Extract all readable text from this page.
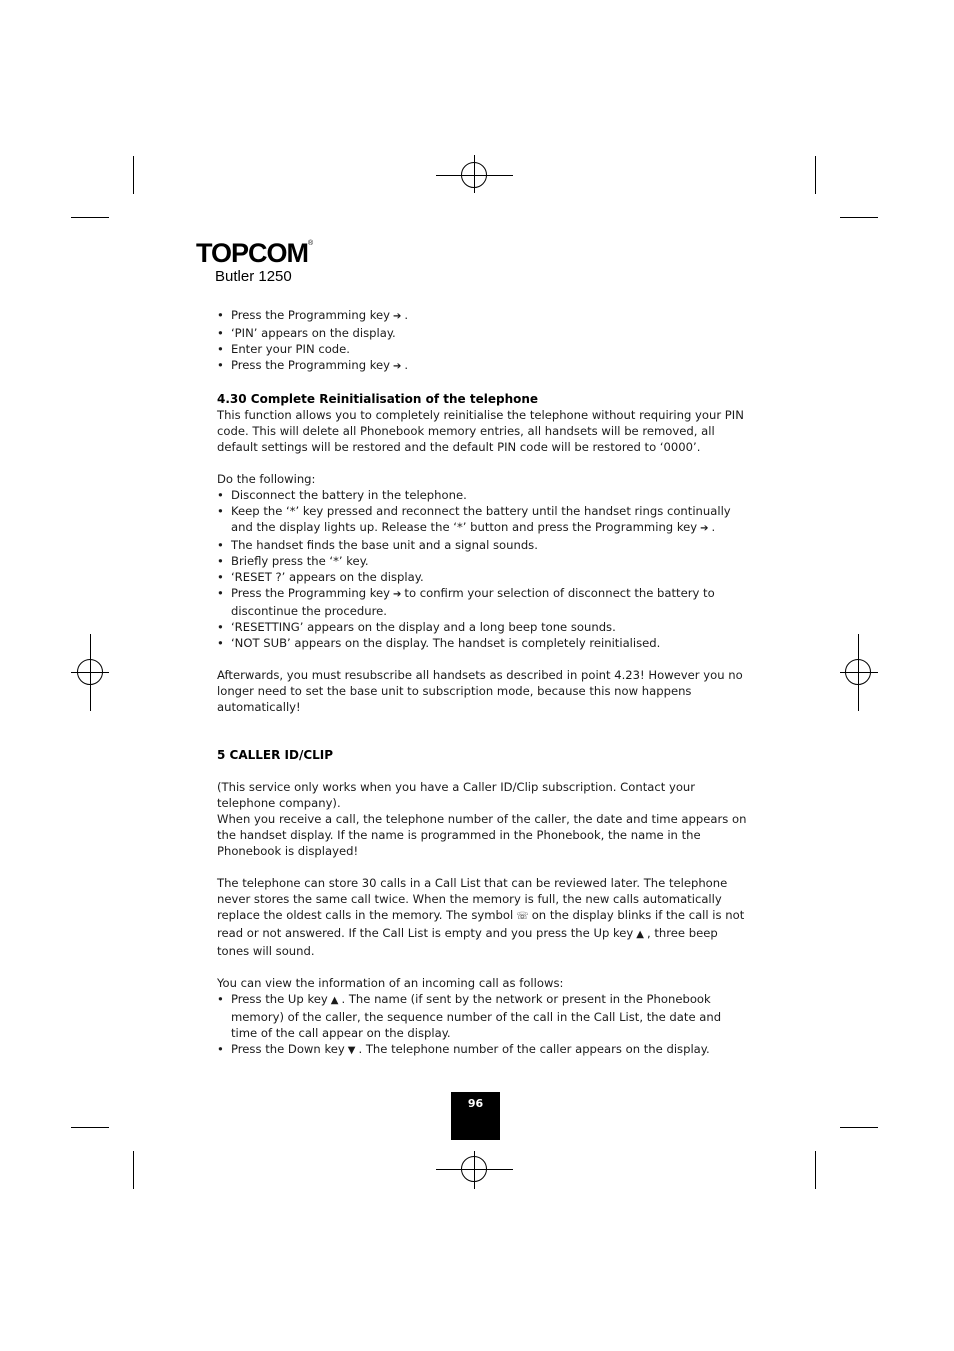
TOPCOM®
Butler 1250
• Press the Programming key ➔ .
• ‘PIN’ appears on the display.
• Enter your PIN code.
• Press the Programming key ➔ .
4.30 Complete Reinitialisation of the telephone

This function allows you to completely reinitialise the telephone without requiring your PIN code. This will delete all Phonebook memory entries, all handsets will be removed, all default settings will be restored and the default PIN code will be restored to ‘0000’.

Do the following:

• Disconnect the battery in the telephone.
• Keep the ‘*’ key pressed and reconnect the battery until the handset rings continually and the display lights up. Release the ‘*’ button and press the Programming key ➔ .
• The handset finds the base unit and a signal sounds.
• Briefly press the ‘*’ key.
• ‘RESET ?’ appears on the display.
• Press the Programming key ➔ to confirm your selection of disconnect the battery to discontinue the procedure.
• ‘RESETTING’ appears on the display and a long beep tone sounds.
• ‘NOT SUB’ appears on the display. The handset is completely reinitialised.

Afterwards, you must resubscribe all handsets as described in point 4.23! However you no longer need to set the base unit to subscription mode, because this now happens automatically!

5 CALLER ID/CLIP

(This service only works when you have a Caller ID/Clip subscription. Contact your telephone company).

When you receive a call, the telephone number of the caller, the date and time appears on the handset display. If the name is programmed in the Phonebook, the name in the Phonebook is displayed!

The telephone can store 30 calls in a Call List that can be reviewed later. The telephone never stores the same call twice. When the memory is full, the new calls automatically replace the oldest calls in the memory. The symbol ☏ on the display blinks if the call is not read or not answered. If the Call List is empty and you press the Up key ▲ , three beep tones will sound.

You can view the information of an incoming call as follows:

• Press the Up key ▲ . The name (if sent by the network or present in the Phonebook memory) of the caller, the sequence number of the call in the Call List, the date and time of the call appear on the display.
• Press the Down key ▼ . The telephone number of the caller appears on the display.
96
